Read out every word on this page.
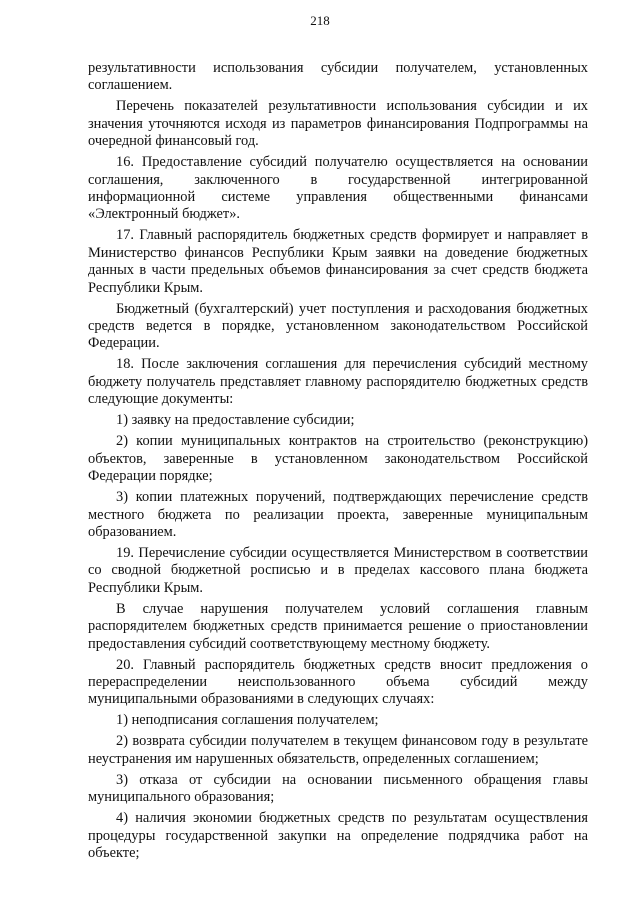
218

результативности использования субсидии получателем, установленных соглашением.

Перечень показателей результативности использования субсидии и их значения уточняются исходя из параметров финансирования Подпрограммы на очередной финансовый год.

16. Предоставление субсидий получателю осуществляется на основании соглашения, заключенного в государственной интегрированной информационной системе управления общественными финансами «Электронный бюджет».

17. Главный распорядитель бюджетных средств формирует и направляет в Министерство финансов Республики Крым заявки на доведение бюджетных данных в части предельных объемов финансирования за счет средств бюджета Республики Крым.

Бюджетный (бухгалтерский) учет поступления и расходования бюджетных средств ведется в порядке, установленном законодательством Российской Федерации.

18. После заключения соглашения для перечисления субсидий местному бюджету получатель представляет главному распорядителю бюджетных средств следующие документы:

1) заявку на предоставление субсидии;

2) копии муниципальных контрактов на строительство (реконструкцию) объектов, заверенные в установленном законодательством Российской Федерации порядке;

3) копии платежных поручений, подтверждающих перечисление средств местного бюджета по реализации проекта, заверенные муниципальным образованием.

19. Перечисление субсидии осуществляется Министерством в соответствии со сводной бюджетной росписью и в пределах кассового плана бюджета Республики Крым.

В случае нарушения получателем условий соглашения главным распорядителем бюджетных средств принимается решение о приостановлении предоставления субсидий соответствующему местному бюджету.

20. Главный распорядитель бюджетных средств вносит предложения о перераспределении неиспользованного объема субсидий между муниципальными образованиями в следующих случаях:

1) неподписания соглашения получателем;

2) возврата субсидии получателем в текущем финансовом году в результате неустранения им нарушенных обязательств, определенных соглашением;

3) отказа от субсидии на основании письменного обращения главы муниципального образования;

4) наличия экономии бюджетных средств по результатам осуществления процедуры государственной закупки на определение подрядчика работ на объекте;
